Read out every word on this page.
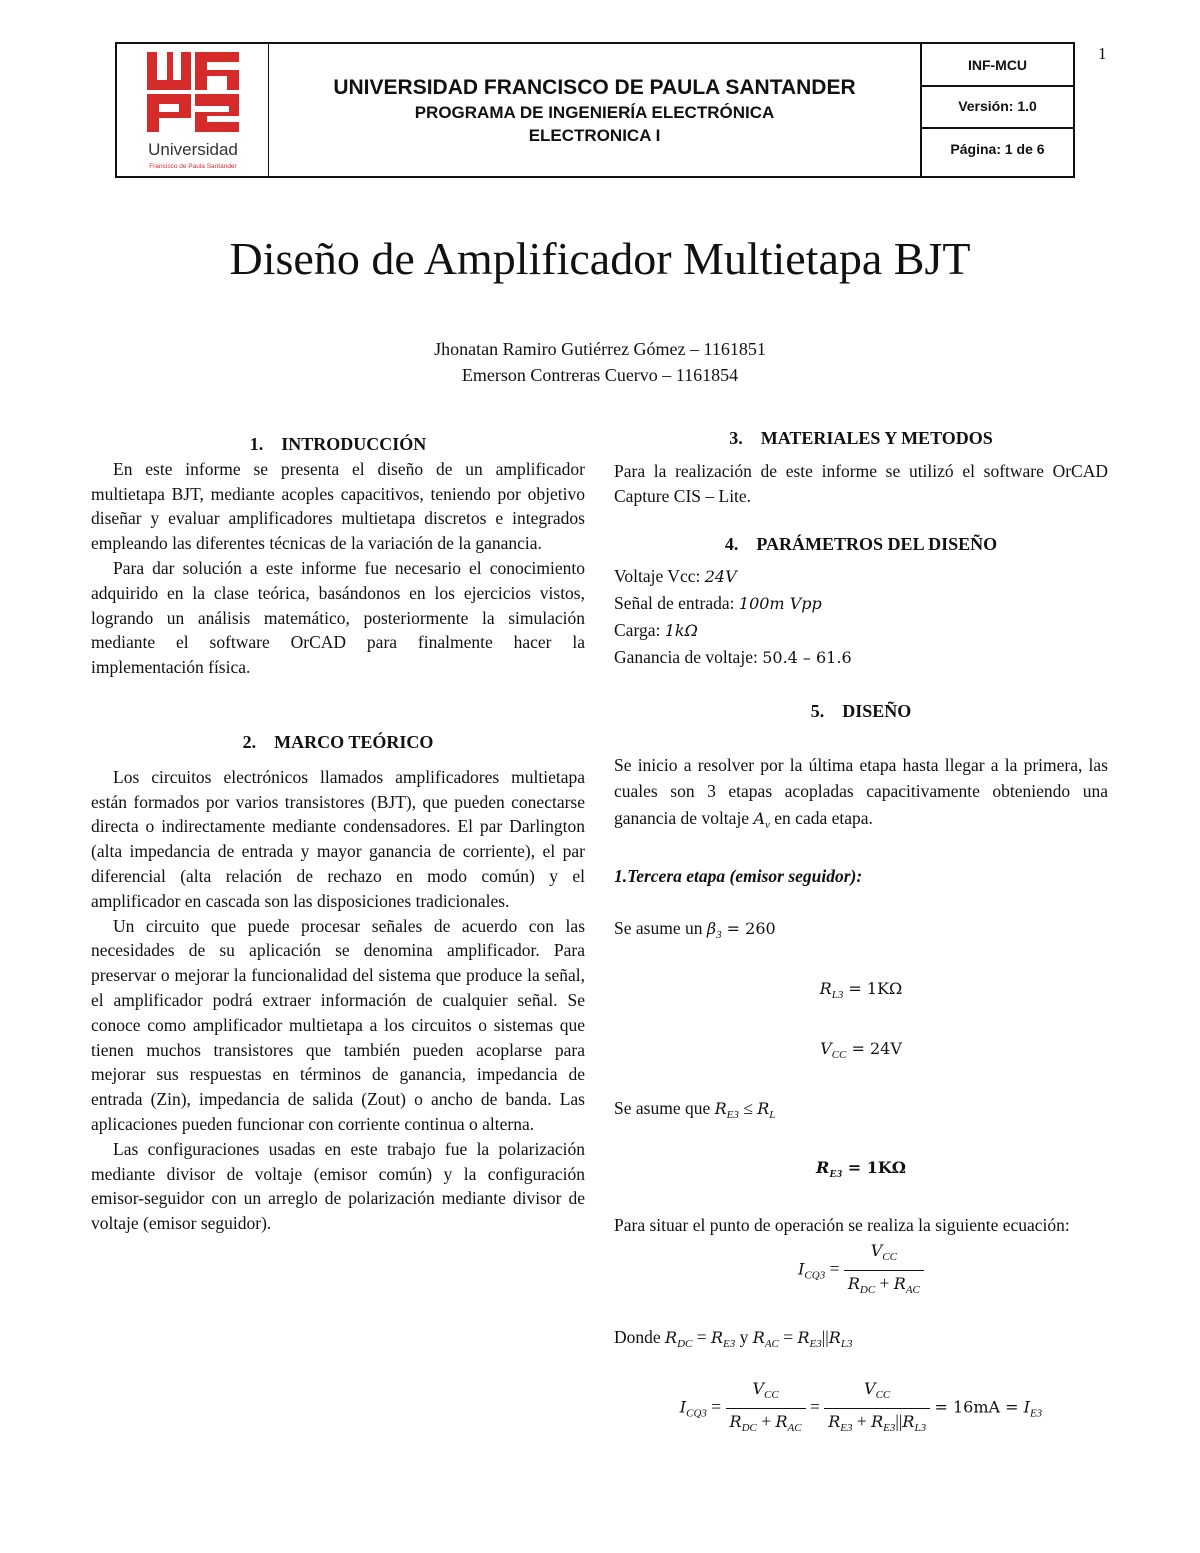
1
Universidad
Francisco de Paula Santander
UNIVERSIDAD FRANCISCO DE PAULA SANTANDER
PROGRAMA DE INGENIERÍA ELECTRÓNICA
ELECTRONICA I
INF-MCU
Versión: 1.0
Página: 1 de 6
Diseño de Amplificador Multietapa BJT
Jhonatan Ramiro Gutiérrez Gómez – 1161851
Emerson Contreras Cuervo – 1161854
1. INTRODUCCIÓN

En este informe se presenta el diseño de un amplificador multietapa BJT, mediante acoples capacitivos, teniendo por objetivo diseñar y evaluar amplificadores multietapa discretos e integrados empleando las diferentes técnicas de la variación de la ganancia.

Para dar solución a este informe fue necesario el conocimiento adquirido en la clase teórica, basándonos en los ejercicios vistos, logrando un análisis matemático, posteriormente la simulación mediante el software OrCAD para finalmente hacer la implementación física.

2. MARCO TEÓRICO

Los circuitos electrónicos llamados amplificadores multietapa están formados por varios transistores (BJT), que pueden conectarse directa o indirectamente mediante condensadores. El par Darlington (alta impedancia de entrada y mayor ganancia de corriente), el par diferencial (alta relación de rechazo en modo común) y el amplificador en cascada son las disposiciones tradicionales.

Un circuito que puede procesar señales de acuerdo con las necesidades de su aplicación se denomina amplificador. Para preservar o mejorar la funcionalidad del sistema que produce la señal, el amplificador podrá extraer información de cualquier señal. Se conoce como amplificador multietapa a los circuitos o sistemas que tienen muchos transistores que también pueden acoplarse para mejorar sus respuestas en términos de ganancia, impedancia de entrada (Zin), impedancia de salida (Zout) o ancho de banda. Las aplicaciones pueden funcionar con corriente continua o alterna.

Las configuraciones usadas en este trabajo fue la polarización mediante divisor de voltaje (emisor común) y la configuración emisor-seguidor con un arreglo de polarización mediante divisor de voltaje (emisor seguidor).

3. MATERIALES Y METODOS

Para la realización de este informe se utilizó el software OrCAD Capture CIS – Lite.

4. PARÁMETROS DEL DISEÑO
Voltaje Vcc: 24V
Señal de entrada: 100m Vpp
Carga: 1kΩ
Ganancia de voltaje: 50.4 – 61.6
5. DISEÑO

Se inicio a resolver por la última etapa hasta llegar a la primera, las cuales son 3 etapas acopladas capacitivamente obteniendo una ganancia de voltaje $A_v$ en cada etapa.

1.Tercera etapa (emisor seguidor):
Se asume un $\beta_3 = 260$
$R_{L3} = 1K\Omega$
$V_{CC} = 24V$
Se asume que $R_{E3} \le R_L$
$R_{E3} = 1K\Omega$

Para situar el punto de operación se realiza la siguiente ecuación:

$I_{CQ3} = \frac{V_{CC}}{R_{DC} + R_{AC}}$
Donde $R_{DC} = R_{E3}$ y $R_{AC} = R_{E3}||R_{L3}$
$I_{CQ3} = \frac{V_{CC}}{R_{DC} + R_{AC}} = \frac{V_{CC}}{R_{E3} + R_{E3}||R_{L3}} = 16mA = I_{E3}$
